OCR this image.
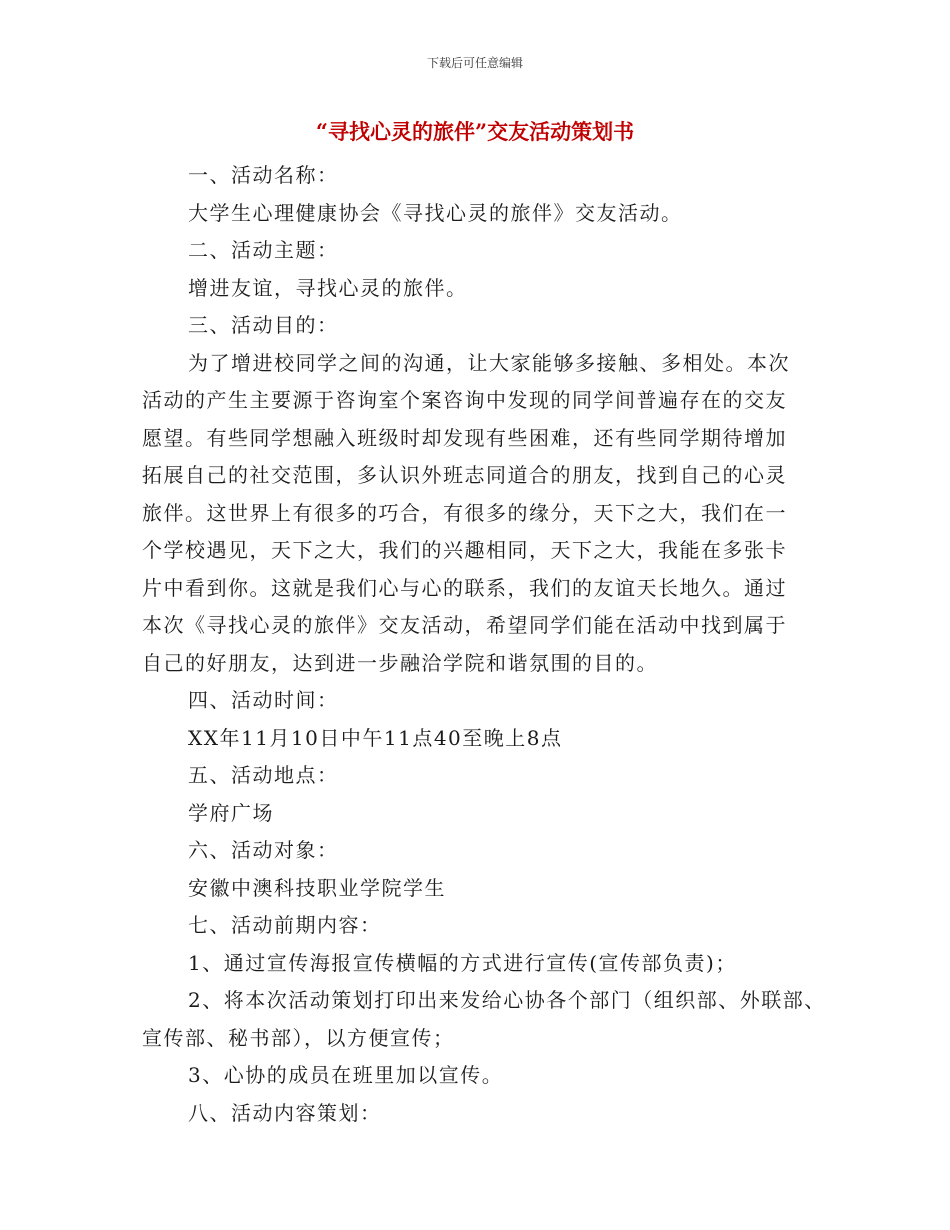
下载后可任意编辑
“寻找心灵的旅伴”交友活动策划书
一、活动名称：
大学生心理健康协会《寻找心灵的旅伴》交友活动。
二、活动主题：
增进友谊，寻找心灵的旅伴。
三、活动目的：
为了增进校同学之间的沟通，让大家能够多接触、多相处。本次
活动的产生主要源于咨询室个案咨询中发现的同学间普遍存在的交友
愿望。有些同学想融入班级时却发现有些困难，还有些同学期待增加
拓展自己的社交范围，多认识外班志同道合的朋友，找到自己的心灵
旅伴。这世界上有很多的巧合，有很多的缘分，天下之大，我们在一
个学校遇见，天下之大，我们的兴趣相同，天下之大，我能在多张卡
片中看到你。这就是我们心与心的联系，我们的友谊天长地久。通过
本次《寻找心灵的旅伴》交友活动，希望同学们能在活动中找到属于
自己的好朋友，达到进一步融洽学院和谐氛围的目的。
四、活动时间：
XX年11月10日中午11点40至晚上8点
五、活动地点：
学府广场
六、活动对象：
安徽中澳科技职业学院学生
七、活动前期内容：
1、通过宣传海报宣传横幅的方式进行宣传(宣传部负责)；
2、将本次活动策划打印出来发给心协各个部门（组织部、外联部、
宣传部、秘书部），以方便宣传；
3、心协的成员在班里加以宣传。
八、活动内容策划：
